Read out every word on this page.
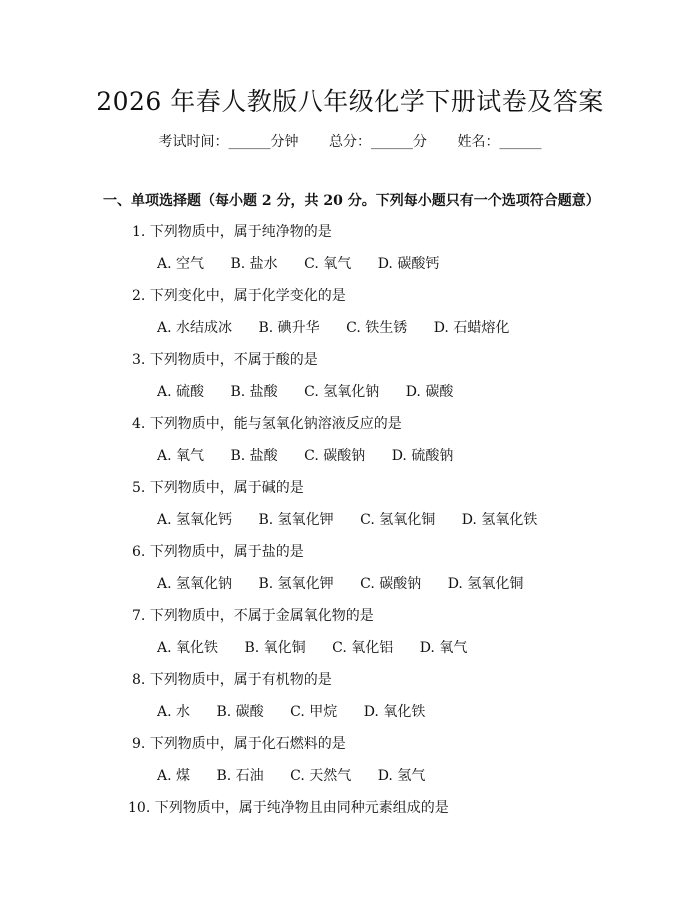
2026 年春人教版八年级化学下册试卷及答案
考试时间：______分钟 总分：______分 姓名：______
一、单项选择题（每小题 2 分，共 20 分。下列每小题只有一个选项符合题意）
1. 下列物质中，属于纯净物的是
A. 空气 B. 盐水 C. 氧气 D. 碳酸钙
2. 下列变化中，属于化学变化的是
A. 水结成冰 B. 碘升华 C. 铁生锈 D. 石蜡熔化
3. 下列物质中，不属于酸的是
A. 硫酸 B. 盐酸 C. 氢氧化钠 D. 碳酸
4. 下列物质中，能与氢氧化钠溶液反应的是
A. 氧气 B. 盐酸 C. 碳酸钠 D. 硫酸钠
5. 下列物质中，属于碱的是
A. 氢氧化钙 B. 氢氧化钾 C. 氢氧化铜 D. 氢氧化铁
6. 下列物质中，属于盐的是
A. 氢氧化钠 B. 氢氧化钾 C. 碳酸钠 D. 氢氧化铜
7. 下列物质中，不属于金属氧化物的是
A. 氧化铁 B. 氧化铜 C. 氧化铝 D. 氧气
8. 下列物质中，属于有机物的是
A. 水 B. 碳酸 C. 甲烷 D. 氧化铁
9. 下列物质中，属于化石燃料的是
A. 煤 B. 石油 C. 天然气 D. 氢气
10. 下列物质中，属于纯净物且由同种元素组成的是
